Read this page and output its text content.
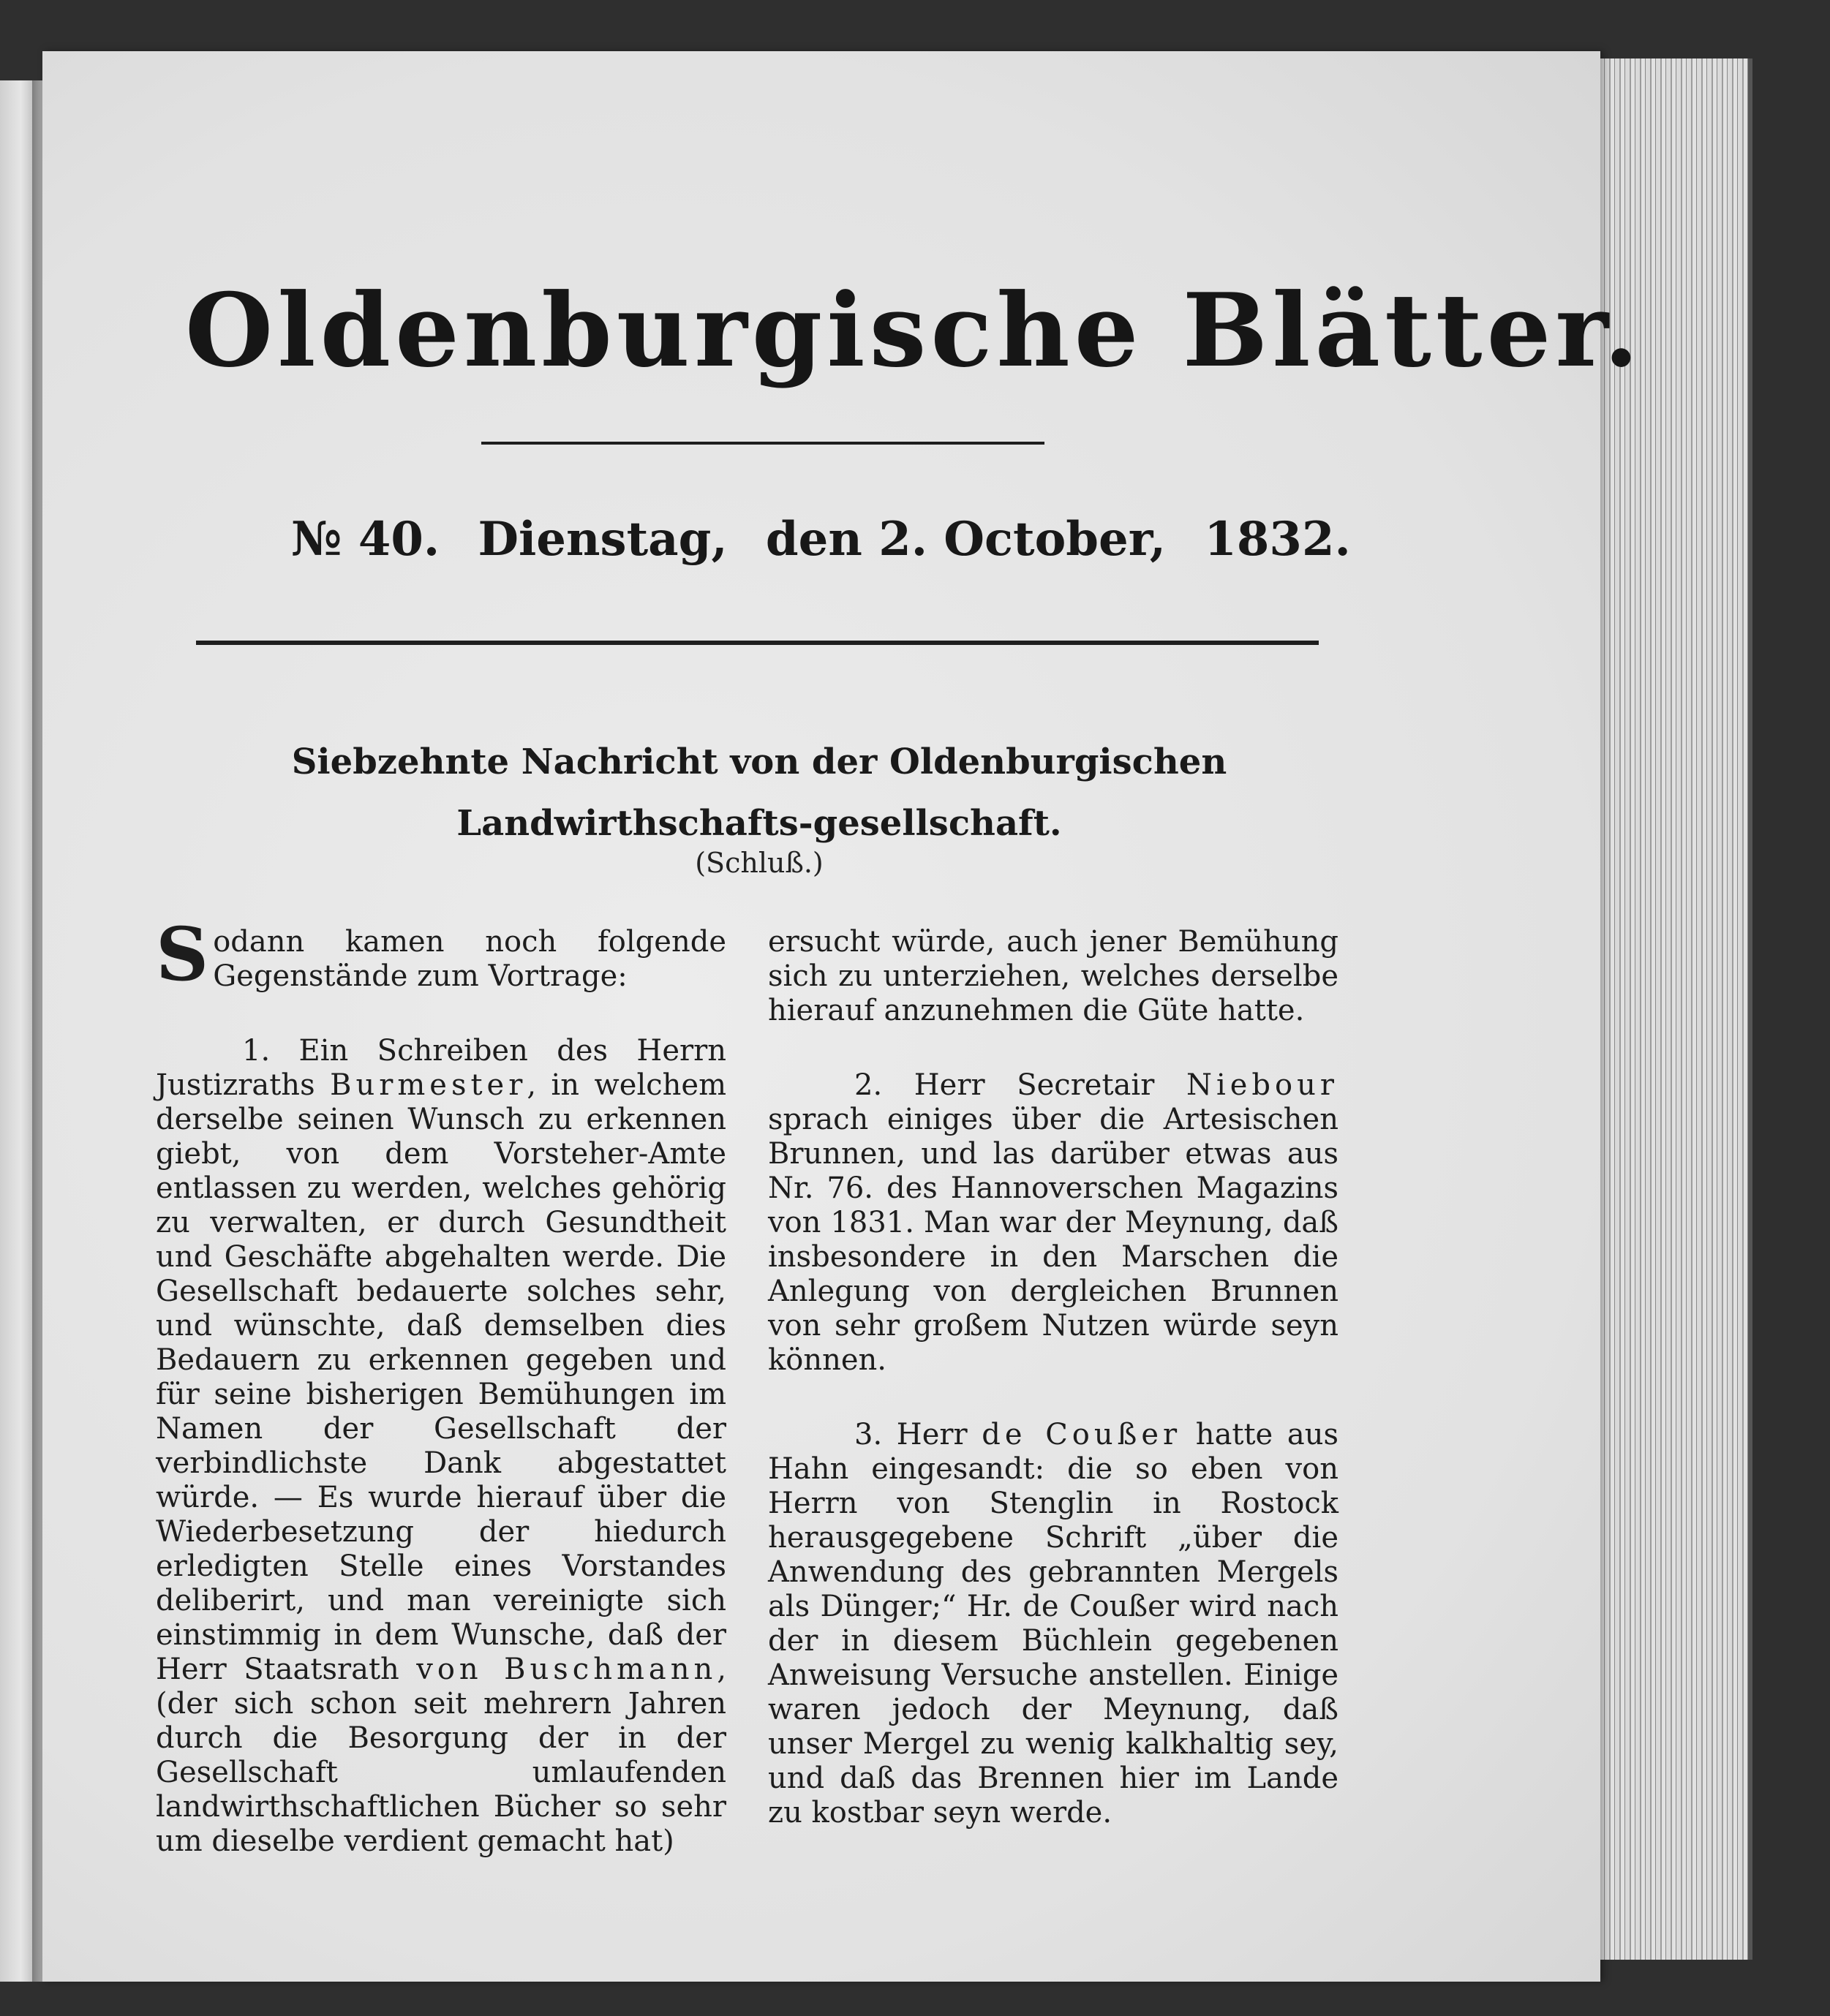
Oldenburgische Blätter.
№ 40. Dienstag, den 2. October, 1832.
Siebzehnte Nachricht von der Oldenburgischen Landwirthschafts-gesellschaft.
(Schluß.)

Sodann kamen noch folgende Gegenstände zum Vortrage:

1. Ein Schreiben des Herrn Justizraths Burmester, in welchem derselbe seinen Wunsch zu erkennen giebt, von dem Vorsteher-Amte entlassen zu werden, welches gehörig zu verwalten, er durch Gesundtheit und Geschäfte abgehalten werde. Die Gesellschaft bedauerte solches sehr, und wünschte, daß demselben dies Bedauern zu erkennen gegeben und für seine bisherigen Bemühungen im Namen der Gesellschaft der verbindlichste Dank abgestattet würde. — Es wurde hierauf über die Wiederbesetzung der hiedurch erledigten Stelle eines Vorstandes deliberirt, und man vereinigte sich einstimmig in dem Wunsche, daß der Herr Staatsrath von Buschmann, (der sich schon seit mehrern Jahren durch die Besorgung der in der Gesellschaft umlaufenden landwirthschaftlichen Bücher so sehr um dieselbe verdient gemacht hat)

ersucht würde, auch jener Bemühung sich zu unterziehen, welches derselbe hierauf anzunehmen die Güte hatte.

2. Herr Secretair Niebour sprach einiges über die Artesischen Brunnen, und las darüber etwas aus Nr. 76. des Hannoverschen Magazins von 1831. Man war der Meynung, daß insbesondere in den Marschen die Anlegung von dergleichen Brunnen von sehr großem Nutzen würde seyn können.

3. Herr de Coußer hatte aus Hahn eingesandt: die so eben von Herrn von Stenglin in Rostock herausgegebene Schrift „über die Anwendung des gebrannten Mergels als Dünger;“ Hr. de Coußer wird nach der in diesem Büchlein gegebenen Anweisung Versuche anstellen. Einige waren jedoch der Meynung, daß unser Mergel zu wenig kalkhaltig sey, und daß das Brennen hier im Lande zu kostbar seyn werde.
